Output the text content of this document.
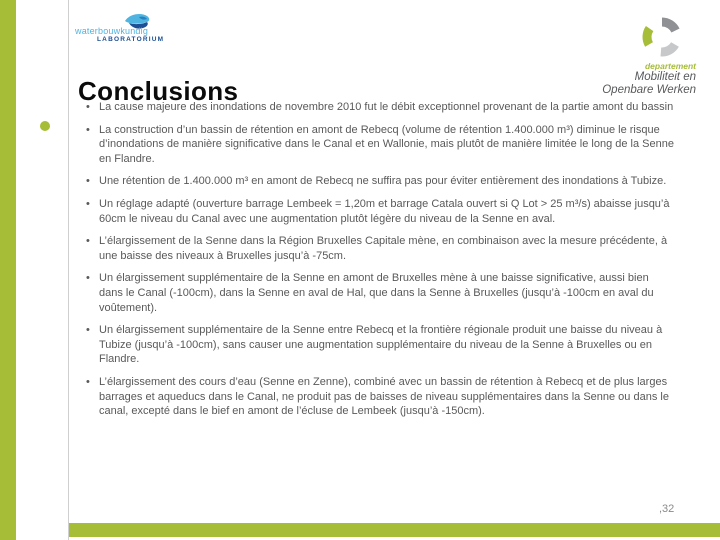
waterbouwkundig
LABORATORIUM
departement
Mobiliteit en
Openbare Werken
Conclusions
• La cause majeure des inondations de novembre 2010 fut le débit exceptionnel provenant de la partie amont du bassin
• La construction d’un bassin de rétention en amont de Rebecq (volume de rétention 1.400.000 m³) diminue le risque d’inondations de manière significative dans le Canal et en Wallonie, mais plutôt de manière limitée le long de la Senne en Flandre.
• Une rétention de 1.400.000 m³ en amont de Rebecq ne suffira pas pour éviter entièrement des inondations à Tubize.
• Un réglage adapté (ouverture barrage Lembeek = 1,20m et barrage Catala ouvert si Q Lot > 25 m³/s) abaisse jusqu’à 60cm le niveau du Canal avec une augmentation plutôt légère du niveau de la Senne en aval.
• L’élargissement de la Senne dans la Région Bruxelles Capitale mène, en combinaison avec la mesure précédente, à une baisse des niveaux à Bruxelles jusqu’à -75cm.
• Un élargissement supplémentaire de la Senne en amont de Bruxelles mène à une baisse significative, aussi bien dans le Canal (-100cm), dans la Senne en aval de Hal, que dans la Senne à Bruxelles (jusqu’à -100cm en aval du voûtement).
• Un élargissement supplémentaire de la Senne entre Rebecq et la frontière régionale produit une baisse du niveau à Tubize (jusqu’à -100cm), sans causer une augmentation supplémentaire du niveau de la Senne à Bruxelles ou en Flandre.
• L’élargissement des cours d’eau (Senne en Zenne), combiné avec un bassin de rétention à Rebecq et de plus larges barrages et aqueducs dans le Canal, ne produit pas de baisses de niveau supplémentaires dans la Senne ou dans le canal, excepté dans le bief en amont de l’écluse de Lembeek (jusqu’à -150cm).
,32
